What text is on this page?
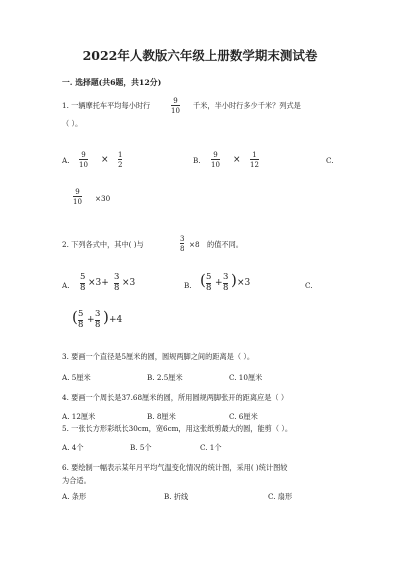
2022年人教版六年级上册数学期末测试卷
一. 选择题(共6题，共12分)
1. 一辆摩托车平均每小时行	$\frac{9}{10}$ 千米，半小时行多少千米？列式是
（ ）。
A. $\frac{9}{10} \times \frac{1}{2}$	B. $\frac{9}{10} \times \frac{1}{12}$	C.
$\frac{9}{10} \times 30$
2. 下列各式中，其中( )与	$\frac{3}{8} \times 8$ 的值不同。
A. $\frac{5}{8} \times 3+ \frac{3}{8} \times 3$	B. ( $\frac{5}{8} + \frac{3}{8}$ ) ×3	C.
( $\frac{5}{8} + \frac{3}{8}$ ) +4
3. 要画一个直径是5厘米的圆，圆规两脚之间的距离是（ ）。
A. 5厘米	B. 2.5厘米	C. 10厘米
4. 要画一个周长是37.68厘米的圆，所用圆规两脚张开的距离应是（ ）
A. 12厘米	B. 8厘米	C. 6厘米
5. 一张长方形彩纸长30cm，宽6cm，用这张纸剪最大的圆，能剪（ ）。
A. 4个	B. 5个	C. 1个
6. 要绘制一幅表示某年月平均气温变化情况的统计图，采用( )统计图较
为合适。
A. 条形	B. 折线	C. 扇形
